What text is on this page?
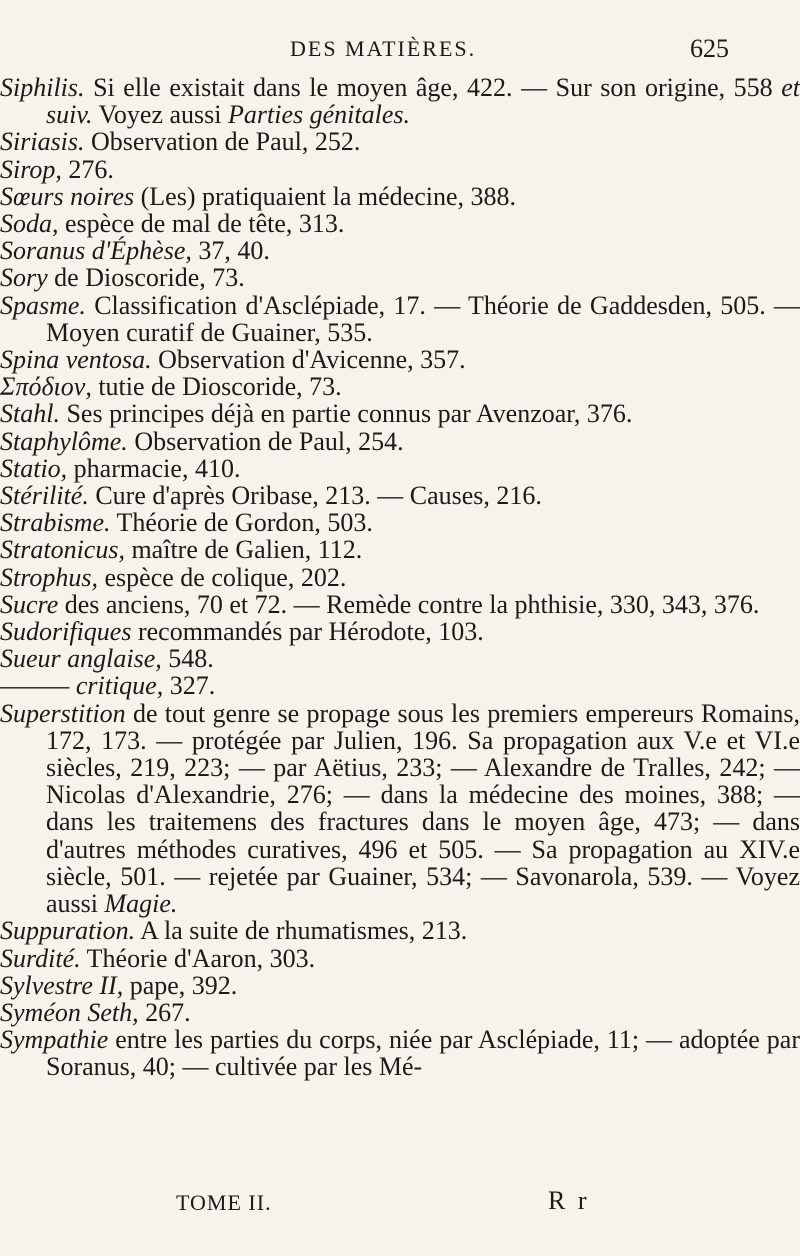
DES MATIÈRES.	625
Siphilis. Si elle existait dans le moyen âge, 422. — Sur son origine, 558 et suiv. Voyez aussi Parties génitales.
Siriasis. Observation de Paul, 252.
Sirop, 276.
Sœurs noires (Les) pratiquaient la médecine, 388.
Soda, espèce de mal de tête, 313.
Soranus d'Éphèse, 37, 40.
Sory de Dioscoride, 73.
Spasme. Classification d'Asclépiade, 17. — Théorie de Gaddesden, 505. — Moyen curatif de Guainer, 535.
Spina ventosa. Observation d'Avicenne, 357.
Σπόδιον, tutie de Dioscoride, 73.
Stahl. Ses principes déjà en partie connus par Avenzoar, 376.
Staphylôme. Observation de Paul, 254.
Statio, pharmacie, 410.
Stérilité. Cure d'après Oribase, 213. — Causes, 216.
Strabisme. Théorie de Gordon, 503.
Stratonicus, maître de Galien, 112.
Strophus, espèce de colique, 202.
Sucre des anciens, 70 et 72. — Remède contre la phthisie, 330, 343, 376.
Sudorifiques recommandés par Hérodote, 103.
Sueur anglaise, 548.
——— critique, 327.
Superstition de tout genre se propage sous les premiers empereurs Romains, 172, 173. — protégée par Julien, 196. Sa propagation aux V.e et VI.e siècles, 219, 223; — par Aëtius, 233; — Alexandre de Tralles, 242; — Nicolas d'Alexandrie, 276; — dans la médecine des moines, 388; — dans les traitemens des fractures dans le moyen âge, 473; — dans d'autres méthodes curatives, 496 et 505. — Sa propagation au XIV.e siècle, 501. — rejetée par Guainer, 534; — Savonarola, 539. — Voyez aussi Magie.
Suppuration. A la suite de rhumatismes, 213.
Surdité. Théorie d'Aaron, 303.
Sylvestre II, pape, 392.
Syméon Seth, 267.
Sympathie entre les parties du corps, niée par Asclépiade, 11; — adoptée par Soranus, 40; — cultivée par les Mé-
TOME II.	R r
